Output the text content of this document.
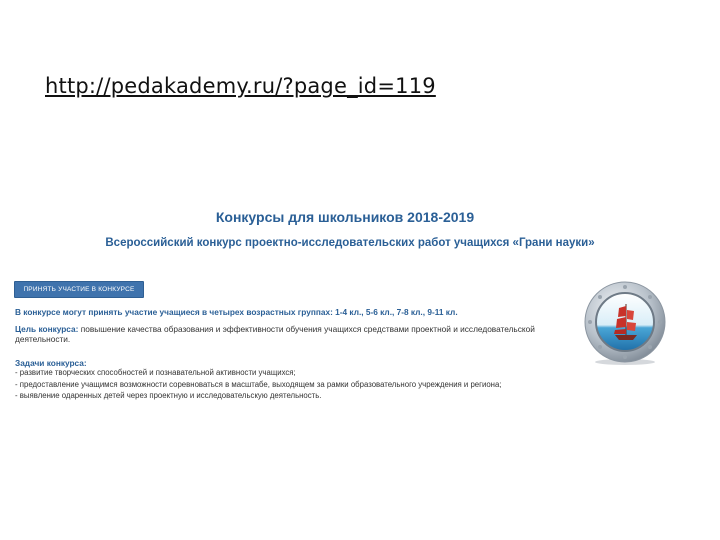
http://pedakademy.ru/?page_id=119
Конкурсы для школьников 2018-2019
Всероссийский конкурс проектно-исследовательских работ учащихся «Грани науки»
ПРИНЯТЬ УЧАСТИЕ В КОНКУРСЕ
В конкурсе могут принять участие учащиеся в четырех возрастных группах: 1-4 кл., 5-6 кл., 7-8 кл., 9-11 кл.
Цель конкурса: повышение качества образования и эффективности обучения учащихся средствами проектной и исследовательской деятельности.
Задачи конкурса:
- развитие творческих способностей и познавательной активности учащихся;
- предоставление учащимся возможности соревноваться в масштабе, выходящем за рамки образовательного учреждения и региона;
- выявление одаренных детей через проектную и исследовательскую деятельность.
